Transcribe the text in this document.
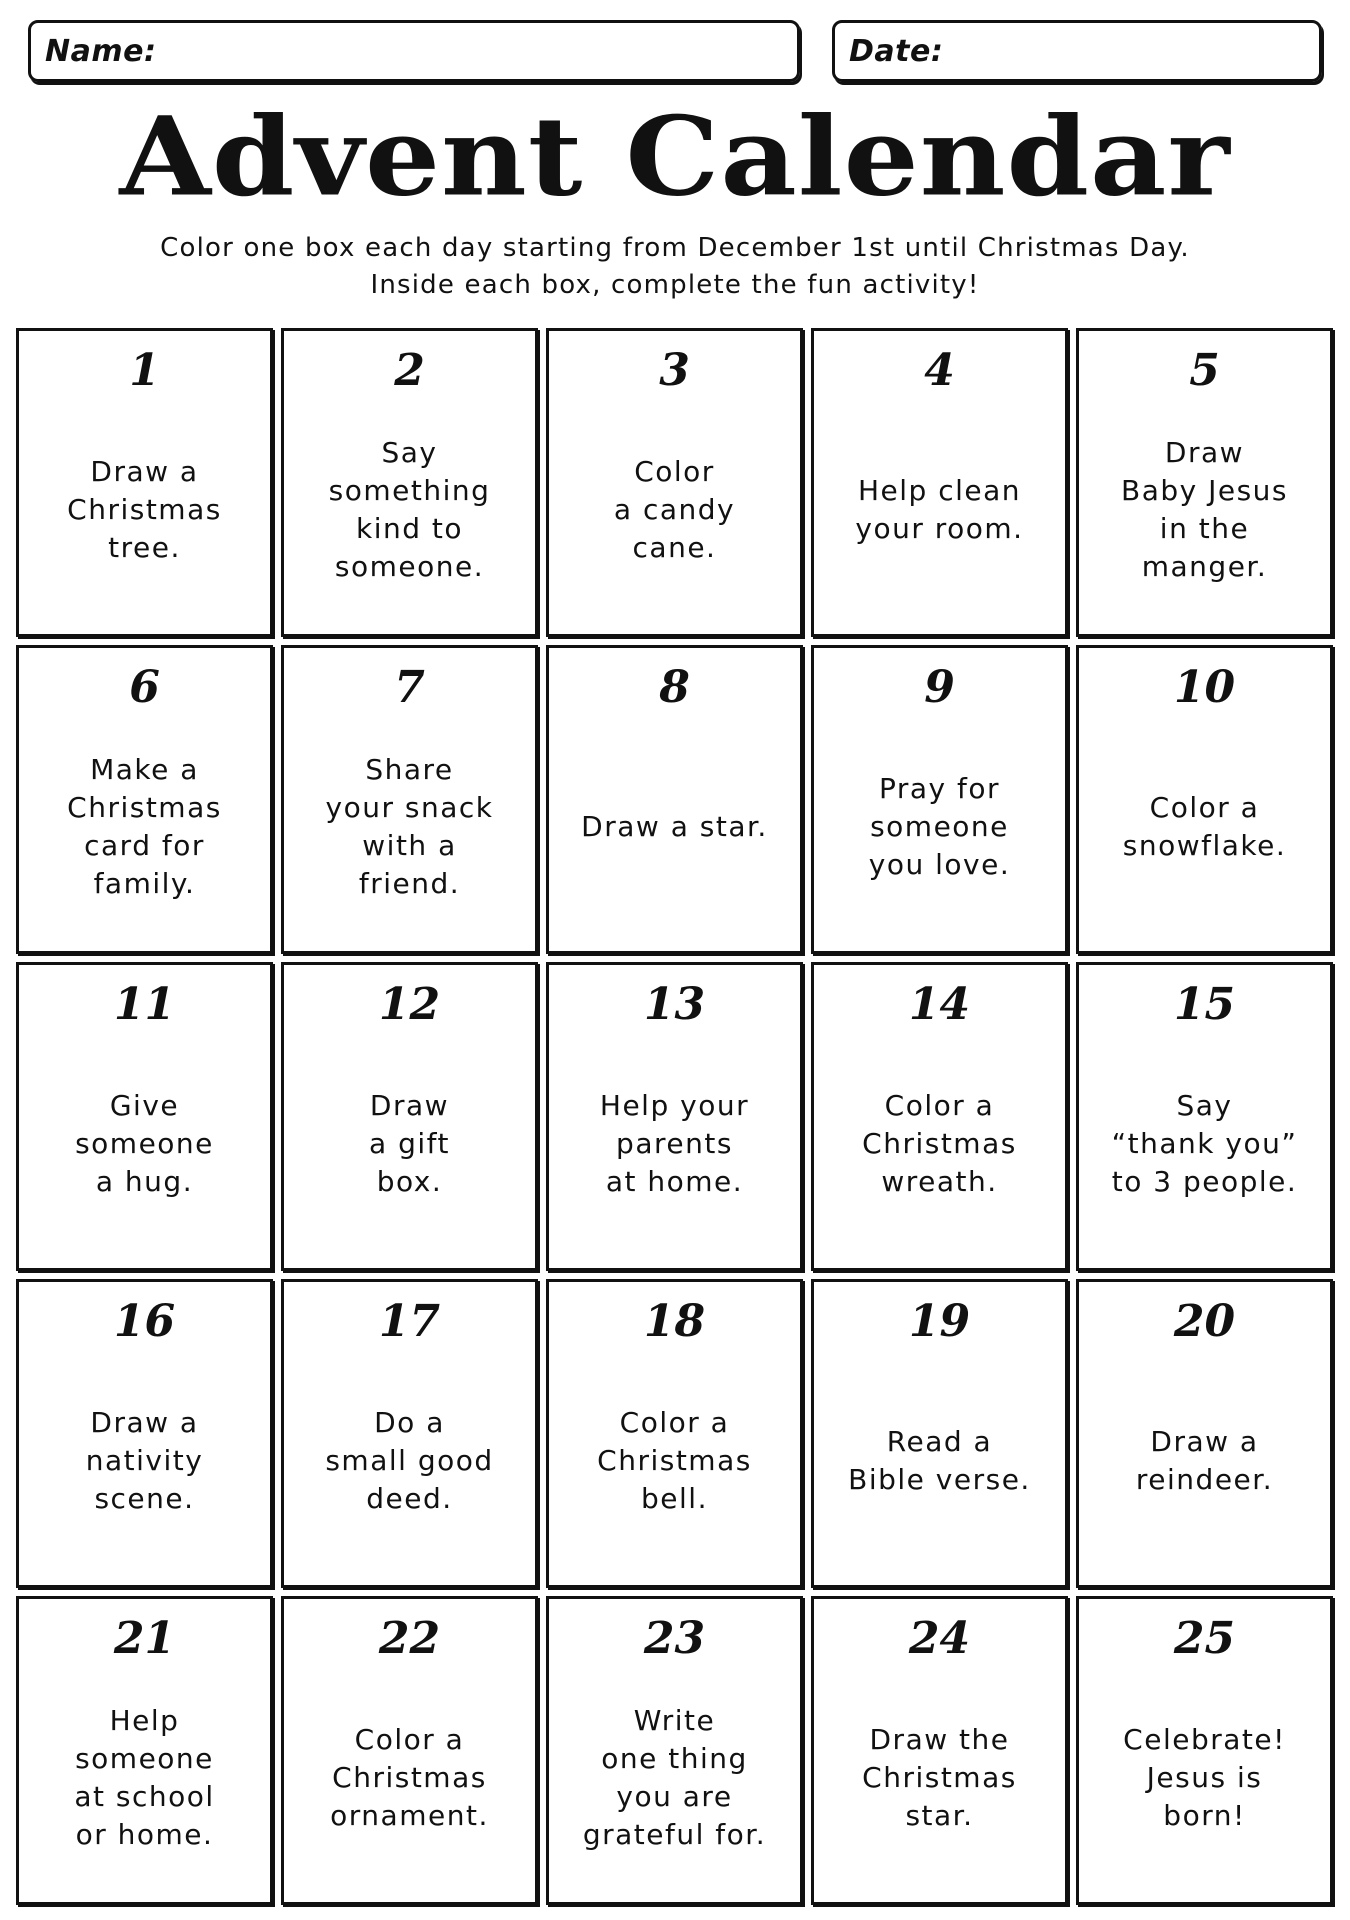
Name:	Date:
Advent Calendar
Color one box each day starting from December 1st until Christmas Day.
Inside each box, complete the fun activity!
1
Draw a
Christmas
tree.
2
Say
something
kind to
someone.
3
Color
a candy
cane.
4
Help clean
your room.
5
Draw
Baby Jesus
in the
manger.
6
Make a
Christmas
card for
family.
7
Share
your snack
with a
friend.
8
Draw a star.
9
Pray for
someone
you love.
10
Color a
snowflake.
11
Give
someone
a hug.
12
Draw
a gift
box.
13
Help your
parents
at home.
14
Color a
Christmas
wreath.
15
Say
“thank you”
to 3 people.
16
Draw a
nativity
scene.
17
Do a
small good
deed.
18
Color a
Christmas
bell.
19
Read a
Bible verse.
20
Draw a
reindeer.
21
Help
someone
at school
or home.
22
Color a
Christmas
ornament.
23
Write
one thing
you are
grateful for.
24
Draw the
Christmas
star.
25
Celebrate!
Jesus is
born!
